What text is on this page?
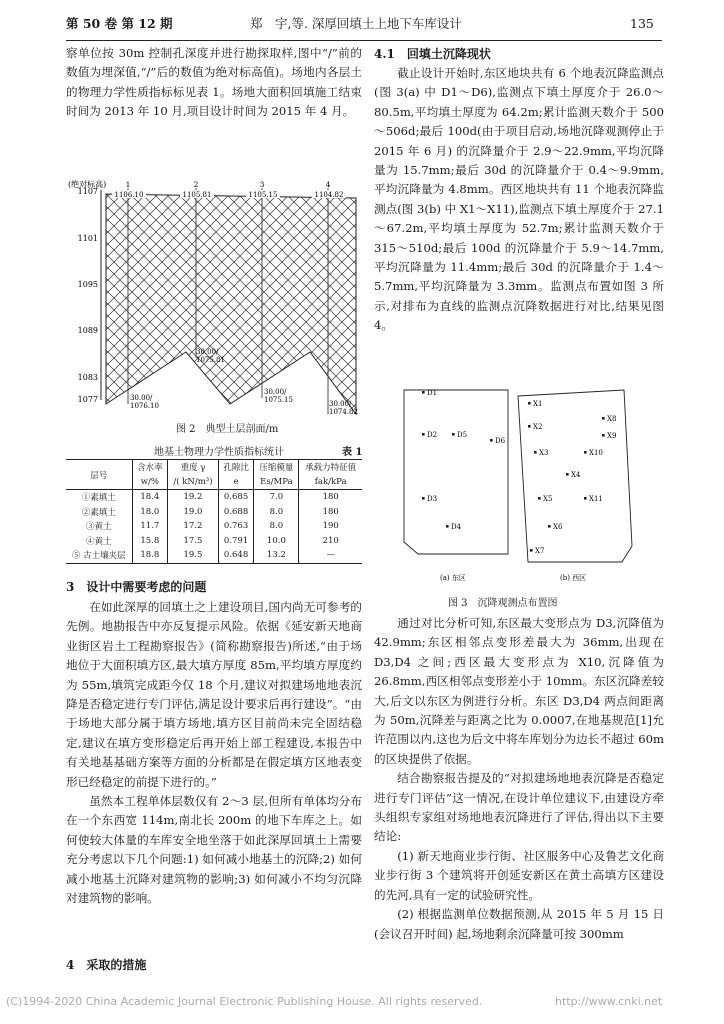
第 50 卷 第 12 期	郑　宇,等. 深厚回填土上地下车库设计	135

察单位按 30m 控制孔深度并进行勘探取样,图中“/”前的数值为埋深值,“/”后的数值为绝对标高值)。场地内各层土的物理力学性质指标标见表 1。场地大面积回填施工结束时间为 2013 年 10 月,项目设计时间为 2015 年 4 月。

(绝对标高)
1107
1101
1095
1089
1083
1077
1	2	3	4
1106.10	1105.81	1105.15	1104.82
30.00/ 1076.10
30.00/ 1075.81
30.00/ 1075.15	30.00/ 1074.82
图 2　典型土层剖面/m
地基土物理力学性质指标统计	表 1
层号	含水率	重度 γ	孔隙比	压缩模量	承载力特征值
	w/%	/( kN/m³)	e	Es/MPa	fak/kPa
①素填土	18.4	19.2	0.685	7.0	180
②素填土	18.0	19.0	0.688	8.0	180
③黄土	11.7	17.2	0.763	8.0	190
④黄土	15.8	17.5	0.791	10.0	210
⑤ 古土壤夹层	18.8	19.5	0.648	13.2	—
3　设计中需要考虑的问题

在如此深厚的回填土之上建设项目,国内尚无可参考的先例。地勘报告中亦反复提示风险。依据《延安新天地商业街区岩土工程勘察报告》(简称勘察报告)所述,“由于场地位于大面积填方区,最大填方厚度 85m,平均填方厚度约为 55m,填筑完成距今仅 18 个月,建议对拟建场地地表沉降是否稳定进行专门评估,满足设计要求后再行建设”。“由于场地大部分属于填方场地,填方区目前尚未完全固结稳定,建议在填方变形稳定后再开始上部工程建设,本报告中有关地基基础方案等方面的分析都是在假定填方区地表变形已经稳定的前提下进行的。”

虽然本工程单体层数仅有 2～3 层,但所有单体均分布在一个东西宽 114m,南北长 200m 的地下车库之上。如何使较大体量的车库安全地坐落于如此深厚回填土上需要充分考虑以下几个问题:1) 如何减小地基土的沉降;2) 如何减小地基土沉降对建筑物的影响;3) 如何减小不均匀沉降对建筑物的影响。

4　采取的措施
4.1　回填土沉降现状

截止设计开始时,东区地块共有 6 个地表沉降监测点(图 3(a) 中 D1～D6),监测点下填土厚度介于 26.0～80.5m,平均填土厚度为 64.2m;累计监测天数介于 500～506d;最后 100d(由于项目启动,场地沉降观测停止于 2015 年 6 月) 的沉降量介于 2.9～22.9mm,平均沉降量为 15.7mm;最后 30d 的沉降量介于 0.4～9.9mm,平均沉降量为 4.8mm。西区地块共有 11 个地表沉降监测点(图 3(b) 中 X1～X11),监测点下填土厚度介于 27.1～67.2m,平均填土厚度为 52.7m;累计监测天数介于 315～510d;最后 100d 的沉降量介于 5.9～14.7mm,平均沉降量为 11.4mm;最后 30d 的沉降量介于 1.4～5.7mm,平均沉降量为 3.3mm。监测点布置如图 3 所示,对排布为直线的监测点沉降数据进行对比,结果见图 4。

D1
D2	D5
D6
D3
D4
X1
X8
X2
X9
X3	X10
X4
X5	X11
X6
X7
(a) 东区	(b) 西区
图 3　沉降观测点布置图

通过对比分析可知,东区最大变形点为 D3,沉降值为 42.9mm;东区相邻点变形差最大为 36mm,出现在 D3,D4 之间;西区最大变形点为 X10,沉降值为 26.8mm,西区相邻点变形差小于 10mm。东区沉降差较大,后文以东区为例进行分析。东区 D3,D4 两点间距离为 50m,沉降差与距离之比为 0.0007,在地基规范[1]允许范围以内,这也为后文中将车库划分为边长不超过 60m 的区块提供了依据。

结合勘察报告提及的“对拟建场地地表沉降是否稳定进行专门评估”这一情况,在设计单位建议下,由建设方牵头组织专家组对场地地表沉降进行了评估,得出以下主要结论:

(1) 新天地商业步行街、社区服务中心及鲁艺文化商业步行街 3 个建筑将开创延安新区在黄土高填方区建设的先河,具有一定的试验研究性。

(2) 根据监测单位数据预测,从 2015 年 5 月 15 日(会议召开时间) 起,场地剩余沉降量可按 300mm

(C)1994-2020 China Academic Journal Electronic Publishing House. All rights reserved.	http://www.cnki.net
